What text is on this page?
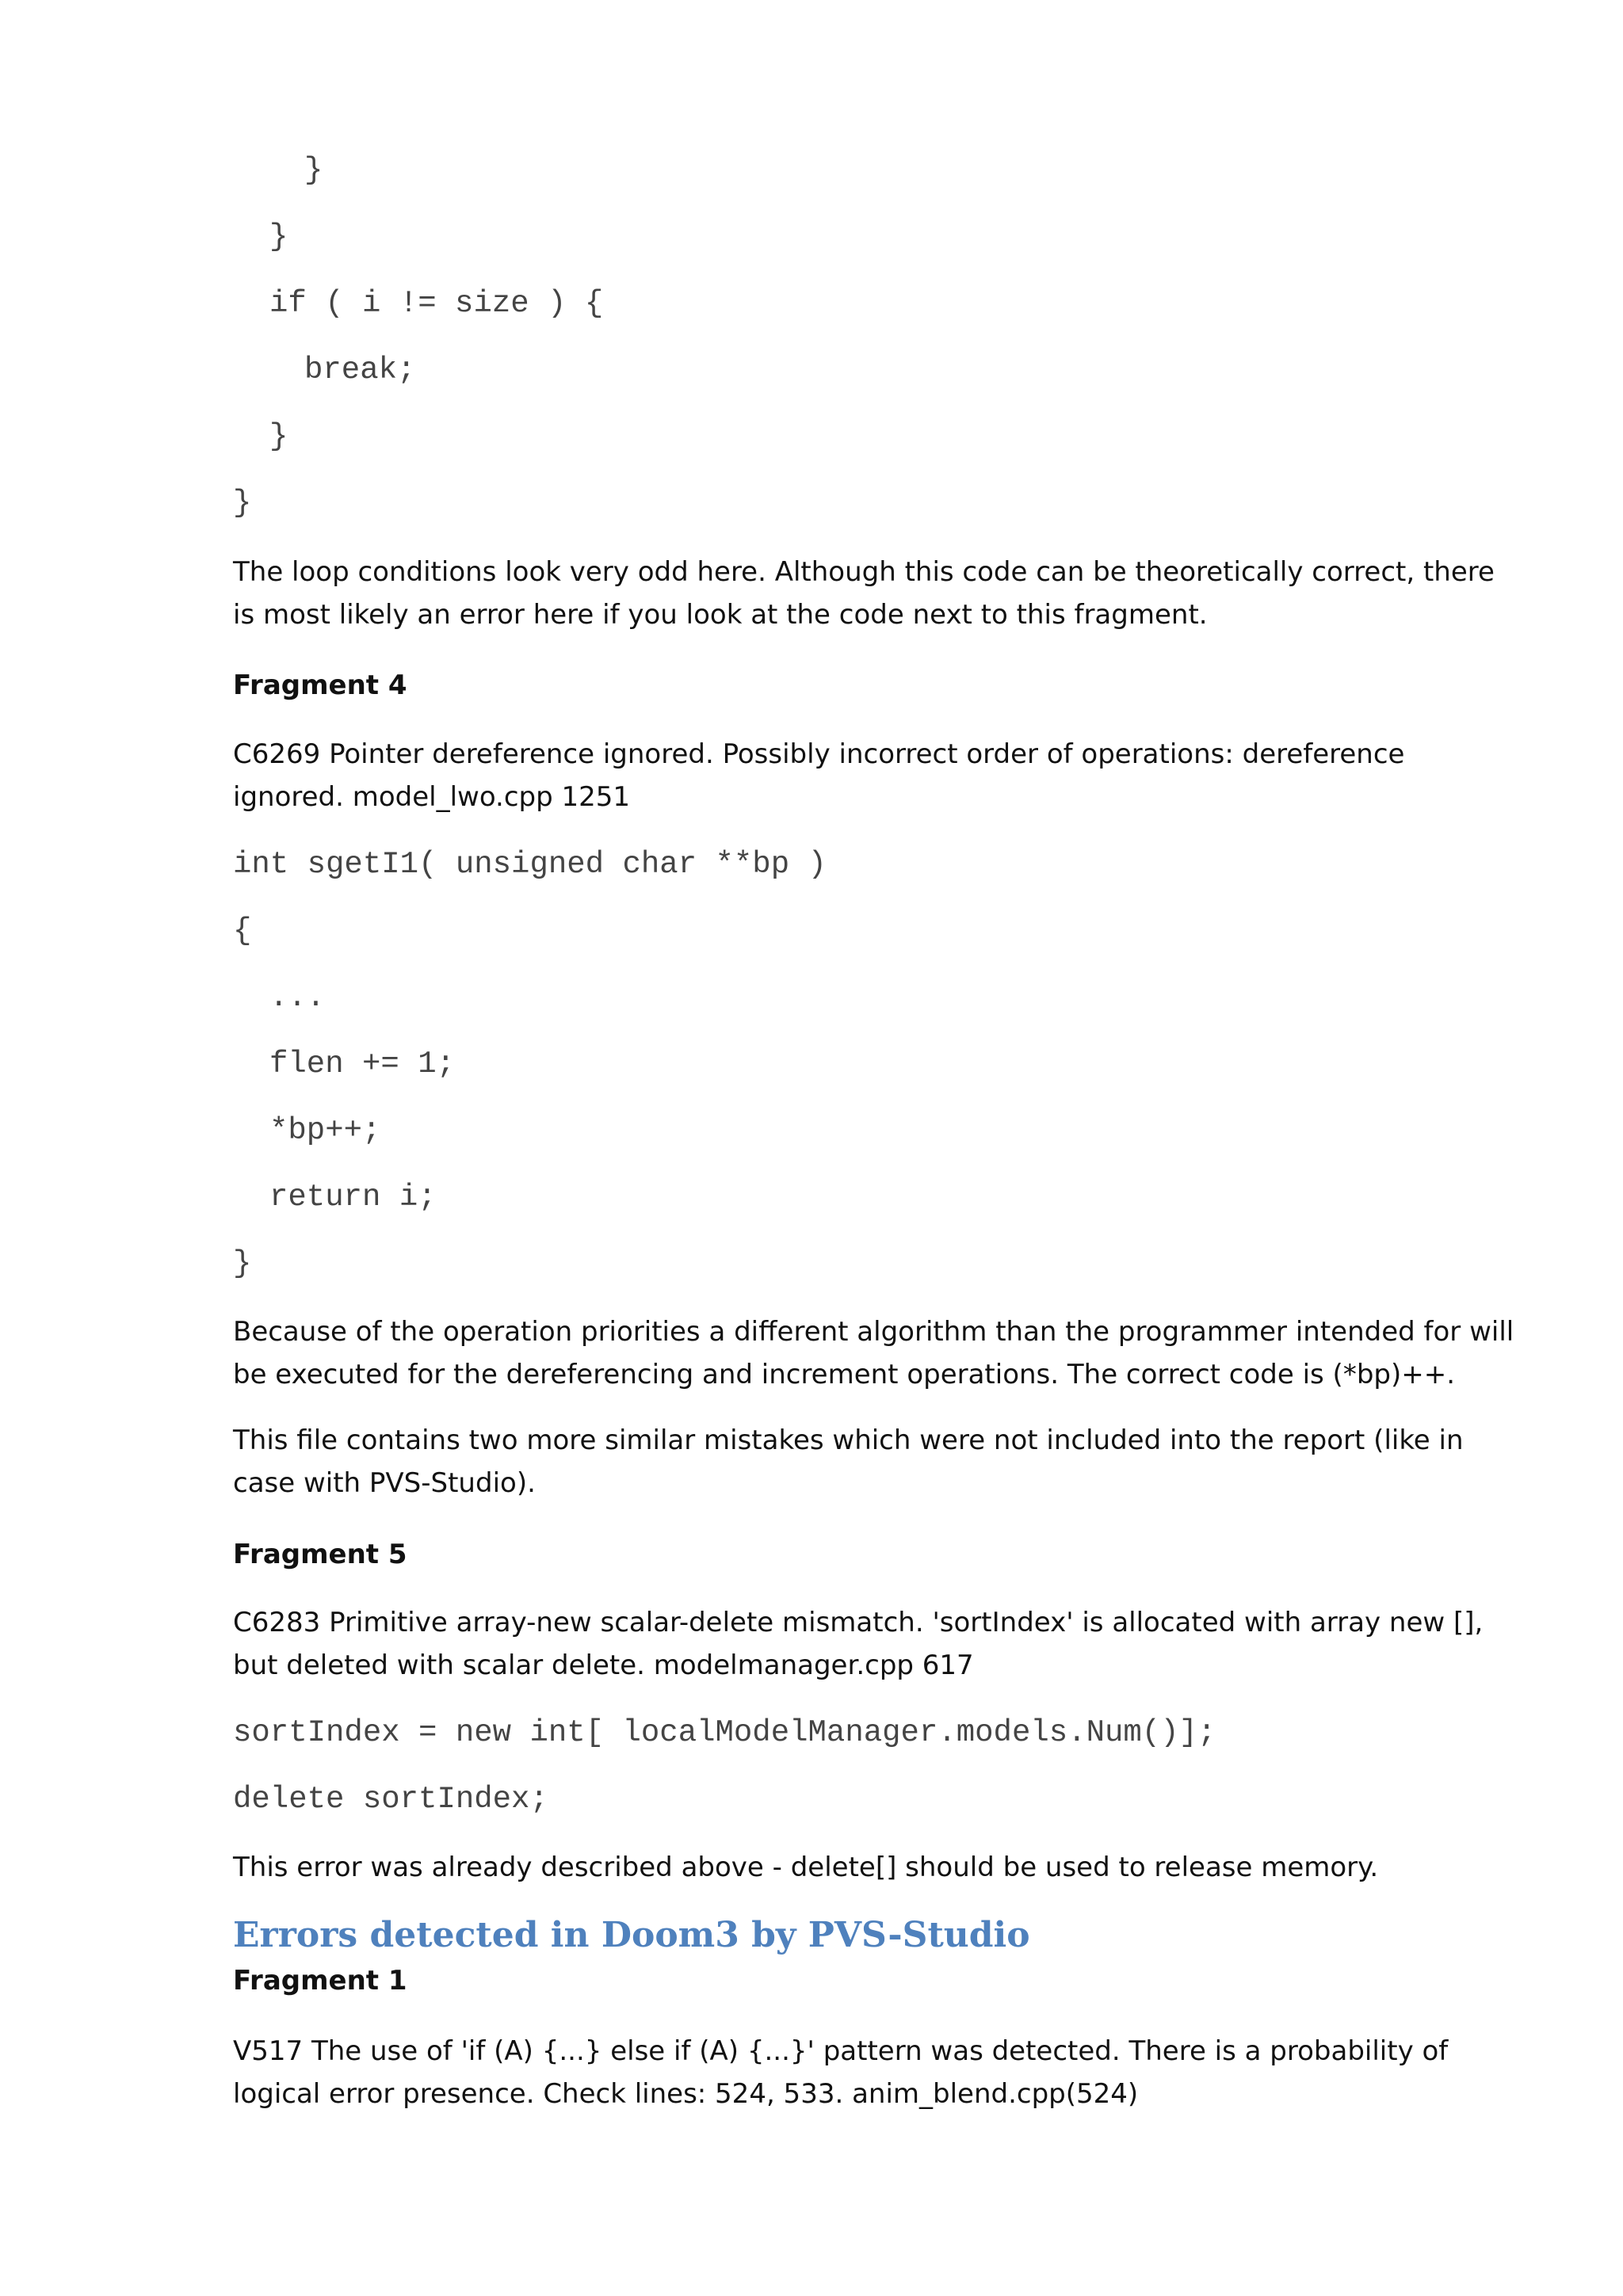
}
}
if ( i != size ) {
break;
}
}
The loop conditions look very odd here. Although this code can be theoretically correct, there is most likely an error here if you look at the code next to this fragment.
Fragment 4
C6269 Pointer dereference ignored. Possibly incorrect order of operations: dereference ignored. model_lwo.cpp 1251
int sgetI1( unsigned char **bp )
{
...
flen += 1;
*bp++;
return i;
}
Because of the operation priorities a different algorithm than the programmer intended for will be executed for the dereferencing and increment operations. The correct code is (*bp)++.
This file contains two more similar mistakes which were not included into the report (like in case with PVS-Studio).
Fragment 5
C6283 Primitive array-new scalar-delete mismatch. 'sortIndex' is allocated with array new [], but deleted with scalar delete. modelmanager.cpp 617
sortIndex = new int[ localModelManager.models.Num()];
delete sortIndex;
This error was already described above - delete[] should be used to release memory.
Errors detected in Doom3 by PVS-Studio
Fragment 1
V517 The use of 'if (A) {...} else if (A) {...}' pattern was detected. There is a probability of logical error presence. Check lines: 524, 533. anim_blend.cpp(524)
